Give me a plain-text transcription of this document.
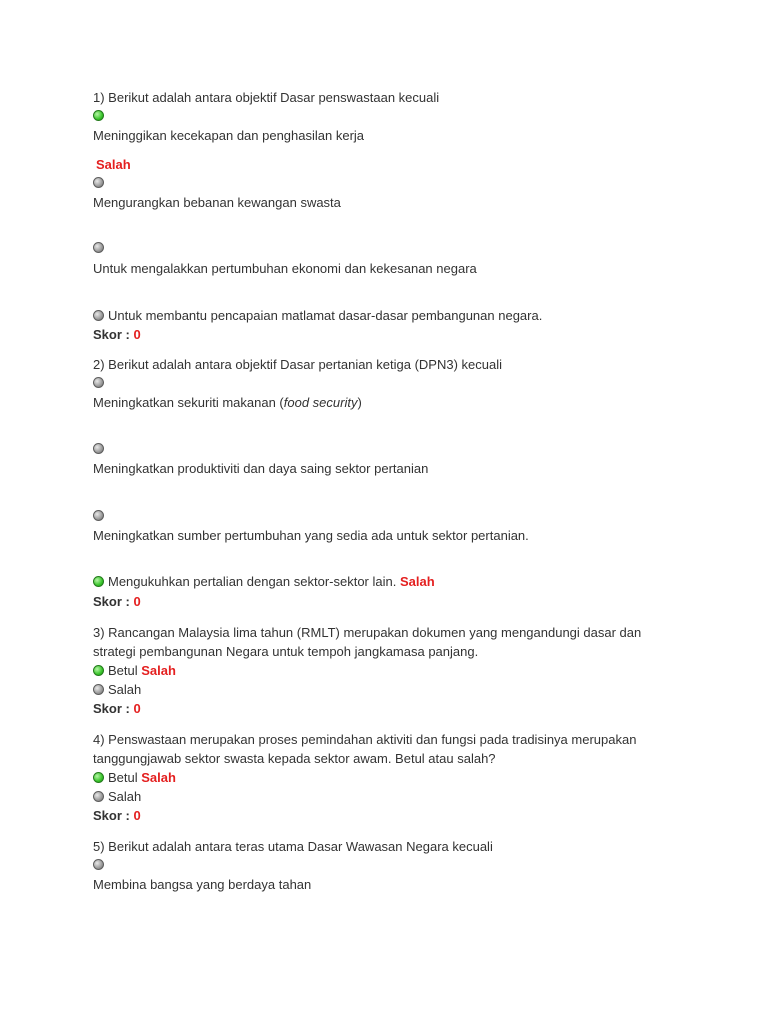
1) Berikut adalah antara objektif Dasar penswastaan kecuali
Meninggikan kecekapan dan penghasilan kerja
Salah
Mengurangkan bebanan kewangan swasta
Untuk mengalakkan pertumbuhan ekonomi dan kekesanan negara
Untuk membantu pencapaian matlamat dasar-dasar pembangunan negara.
Skor : 0
2) Berikut adalah antara objektif Dasar pertanian ketiga (DPN3) kecuali
Meningkatkan sekuriti makanan (food security)
Meningkatkan produktiviti dan daya saing sektor pertanian
Meningkatkan sumber pertumbuhan yang sedia ada untuk sektor pertanian.
Mengukuhkan pertalian dengan sektor-sektor lain. Salah
Skor : 0
3) Rancangan Malaysia lima tahun (RMLT) merupakan dokumen yang mengandungi dasar dan
strategi pembangunan Negara untuk tempoh jangkamasa panjang.
Betul Salah
Salah
Skor : 0
4) Penswastaan merupakan proses pemindahan aktiviti dan fungsi pada tradisinya merupakan
tanggungjawab sektor swasta kepada sektor awam. Betul atau salah?
Betul Salah
Salah
Skor : 0
5) Berikut adalah antara teras utama Dasar Wawasan Negara kecuali
Membina bangsa yang berdaya tahan
